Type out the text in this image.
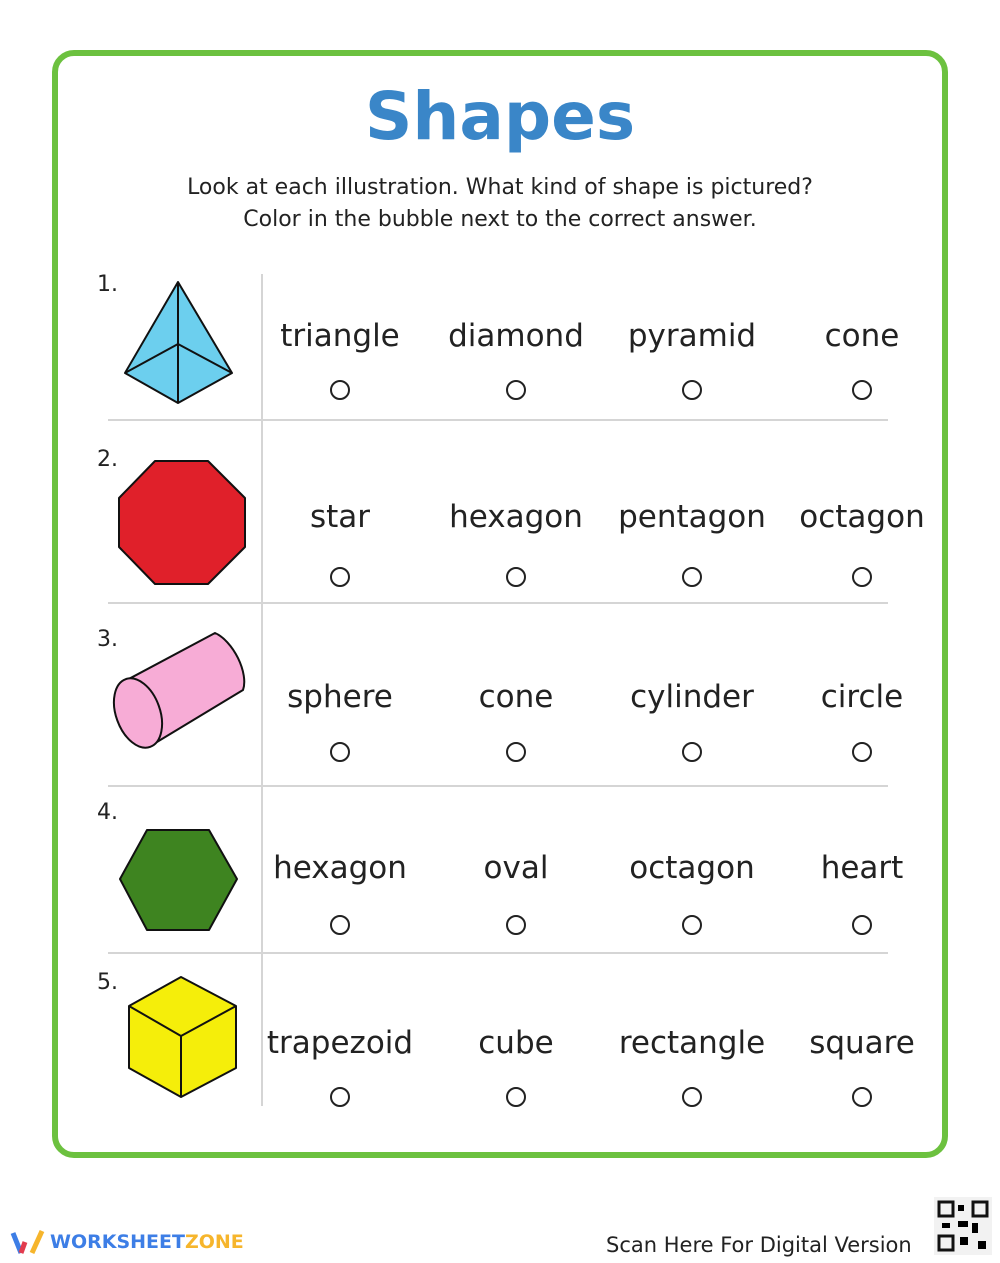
Shapes
Look at each illustration. What kind of shape is pictured?
Color in the bubble next to the correct answer.
1.
triangle	diamond	pyramid	cone
2.
star	hexagon	pentagon	octagon
3.
sphere	cone	cylinder	circle
4.
hexagon	oval	octagon	heart
5.
trapezoid	cube	rectangle	square
WORKSHEET ZONE	Scan Here For Digital Version
